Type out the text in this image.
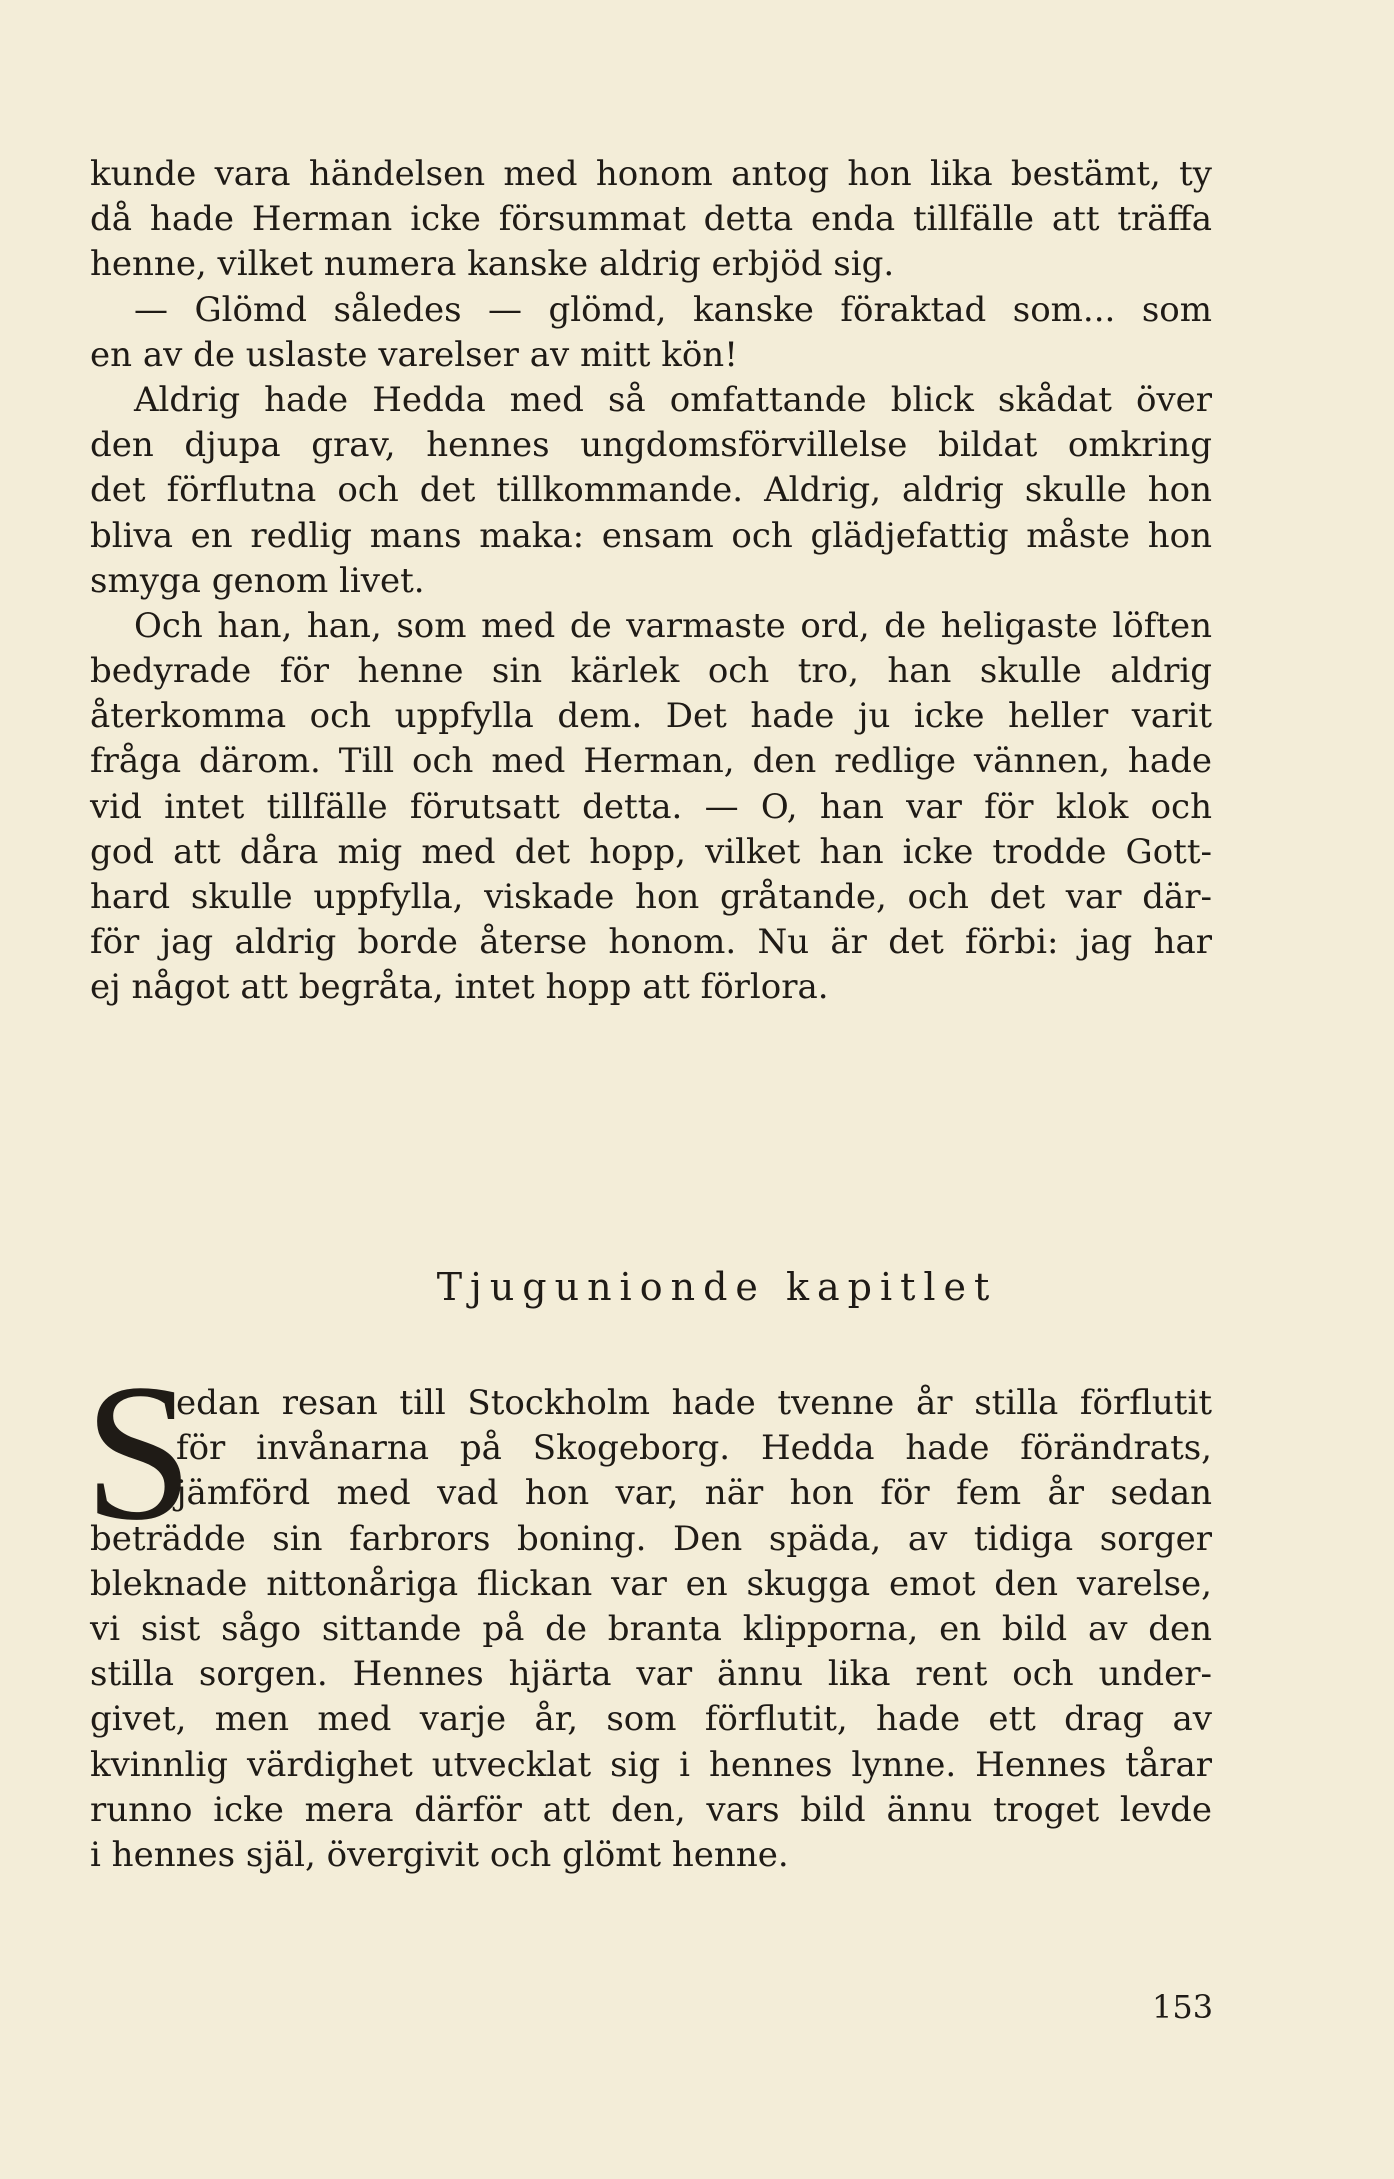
kunde vara händelsen med honom antog hon lika bestämt, ty
då hade Herman icke försummat detta enda tillfälle att träffa
henne, vilket numera kanske aldrig erbjöd sig.
— Glömd således — glömd, kanske föraktad som... som
en av de uslaste varelser av mitt kön!
Aldrig hade Hedda med så omfattande blick skådat över
den djupa grav, hennes ungdomsförvillelse bildat omkring
det förflutna och det tillkommande. Aldrig, aldrig skulle hon
bliva en redlig mans maka: ensam och glädjefattig måste hon
smyga genom livet.
Och han, han, som med de varmaste ord, de heligaste löften
bedyrade för henne sin kärlek och tro, han skulle aldrig
återkomma och uppfylla dem. Det hade ju icke heller varit
fråga därom. Till och med Herman, den redlige vännen, hade
vid intet tillfälle förutsatt detta. — O, han var för klok och
god att dåra mig med det hopp, vilket han icke trodde Gott-
hard skulle uppfylla, viskade hon gråtande, och det var där-
för jag aldrig borde återse honom. Nu är det förbi: jag har
ej något att begråta, intet hopp att förlora.
Tjugunionde kapitlet
S
edan resan till Stockholm hade tvenne år stilla förflutit
för invånarna på Skogeborg. Hedda hade förändrats,
jämförd med vad hon var, när hon för fem år sedan
beträdde sin farbrors boning. Den späda, av tidiga sorger
bleknade nittonåriga flickan var en skugga emot den varelse,
vi sist sågo sittande på de branta klipporna, en bild av den
stilla sorgen. Hennes hjärta var ännu lika rent och under-
givet, men med varje år, som förflutit, hade ett drag av
kvinnlig värdighet utvecklat sig i hennes lynne. Hennes tårar
runno icke mera därför att den, vars bild ännu troget levde
i hennes själ, övergivit och glömt henne.
153
